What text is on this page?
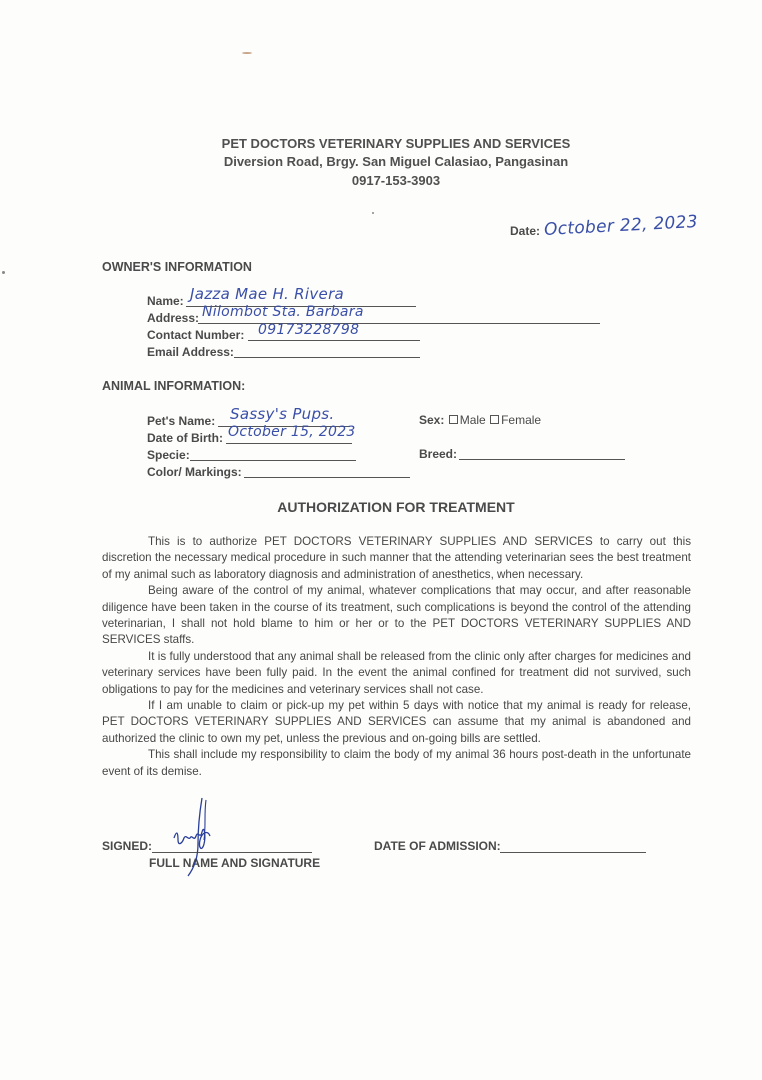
PET DOCTORS VETERINARY SUPPLIES AND SERVICES
Diversion Road, Brgy. San Miguel Calasiao, Pangasinan
0917-153-3903
Date: October 22, 2023
OWNER'S INFORMATION
Name: Jazza Mae H. Rivera
Address: Nilombot Sta. Barbara
Contact Number: 09173228798
Email Address:
ANIMAL INFORMATION:
Pet's Name: Sassy's Pups.
Date of Birth: October 15, 2023
Specie:
Color/ Markings:
Sex: Male Female
Breed:
AUTHORIZATION FOR TREATMENT

This is to authorize PET DOCTORS VETERINARY SUPPLIES AND SERVICES to carry out this discretion the necessary medical procedure in such manner that the attending veterinarian sees the best treatment of my animal such as laboratory diagnosis and administration of anesthetics, when necessary.

Being aware of the control of my animal, whatever complications that may occur, and after reasonable diligence have been taken in the course of its treatment, such complications is beyond the control of the attending veterinarian, I shall not hold blame to him or her or to the PET DOCTORS VETERINARY SUPPLIES AND SERVICES staffs.

It is fully understood that any animal shall be released from the clinic only after charges for medicines and veterinary services have been fully paid. In the event the animal confined for treatment did not survived, such obligations to pay for the medicines and veterinary services shall not case.

If I am unable to claim or pick-up my pet within 5 days with notice that my animal is ready for release, PET DOCTORS VETERINARY SUPPLIES AND SERVICES can assume that my animal is abandoned and authorized the clinic to own my pet, unless the previous and on-going bills are settled.

This shall include my responsibility to claim the body of my animal 36 hours post-death in the unfortunate event of its demise.

SIGNED:
FULL NAME AND SIGNATURE
DATE OF ADMISSION:
